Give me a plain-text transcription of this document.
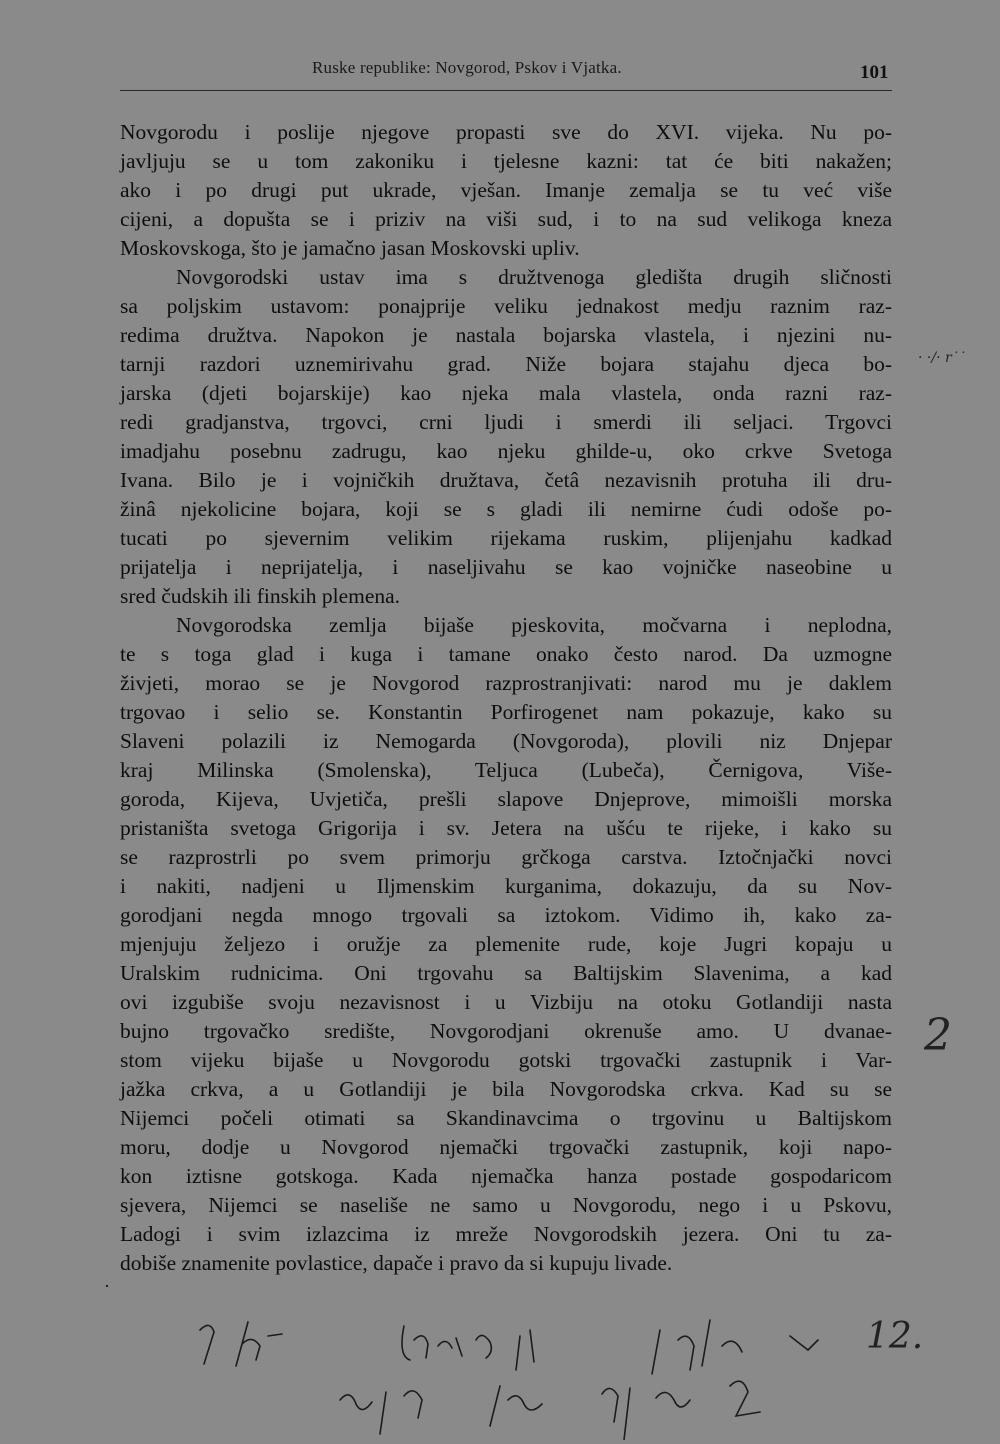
Ruske republike: Novgorod, Pskov i Vjatka.	101
Novgorodu i poslije njegove propasti sve do XVI. vijeka. Nu po-
javljuju se u tom zakoniku i tjelesne kazni: tat će biti nakažen;
ako i po drugi put ukrade, vješan. Imanje zemalja se tu već više
cijeni, a dopušta se i priziv na viši sud, i to na sud velikoga kneza
Moskovskoga, što je jamačno jasan Moskovski upliv.
Novgorodski ustav ima s družtvenoga gledišta drugih sličnosti
sa poljskim ustavom: ponajprije veliku jednakost medju raznim raz-
redima družtva. Napokon je nastala bojarska vlastela, i njezini nu-
tarnji razdori uznemirivahu grad. Niže bojara stajahu djeca bo-
jarska (djeti bojarskije) kao njeka mala vlastela, onda razni raz-
redi gradjanstva, trgovci, crni ljudi i smerdi ili seljaci. Trgovci
imadjahu posebnu zadrugu, kao njeku ghilde-u, oko crkve Svetoga
Ivana. Bilo je i vojničkih družtava, četâ nezavisnih protuha ili dru-
žinâ njekolicine bojara, koji se s gladi ili nemirne ćudi odoše po-
tucati po sjevernim velikim rijekama ruskim, plijenjahu kadkad
prijatelja i neprijatelja, i naseljivahu se kao vojničke naseobine u
sred čudskih ili finskih plemena.
Novgorodska zemlja bijaše pjeskovita, močvarna i neplodna,
te s toga glad i kuga i tamane onako često narod. Da uzmogne
živjeti, morao se je Novgorod razprostranjivati: narod mu je daklem
trgovao i selio se. Konstantin Porfirogenet nam pokazuje, kako su
Slaveni polazili iz Nemogarda (Novgoroda), plovili niz Dnjepar
kraj Milinska (Smolenska), Teljuca (Lubeča), Černigova, Više-
goroda, Kijeva, Uvjetiča, prešli slapove Dnjeprove, mimoišli morska
pristaništa svetoga Grigorija i sv. Jetera na ušću te rijeke, i kako su
se razprostrli po svem primorju grčkoga carstva. Iztočnjački novci
i nakiti, nadjeni u Iljmenskim kurganima, dokazuju, da su Nov-
gorodjani negda mnogo trgovali sa iztokom. Vidimo ih, kako za-
mjenjuju željezo i oružje za plemenite rude, koje Jugri kopaju u
Uralskim rudnicima. Oni trgovahu sa Baltijskim Slavenima, a kad
ovi izgubiše svoju nezavisnost i u Vizbiju na otoku Gotlandiji nasta
bujno trgovačko središte, Novgorodjani okrenuše amo. U dvanae-
stom vijeku bijaše u Novgorodu gotski trgovački zastupnik i Var-
jažka crkva, a u Gotlandiji je bila Novgorodska crkva. Kad su se
Nijemci počeli otimati sa Skandinavcima o trgovinu u Baltijskom
moru, dodje u Novgorod njemački trgovački zastupnik, koji napo-
kon iztisne gotskoga. Kada njemačka hanza postade gospodaricom
sjevera, Nijemci se naseliše ne samo u Novgorodu, nego i u Pskovu,
Ladogi i svim izlazcima iz mreže Novgorodskih jezera. Oni tu za-
dobiše znamenite povlastice, dapače i pravo da si kupuju livade.
·
· ·/· r˙˙
2
12.
